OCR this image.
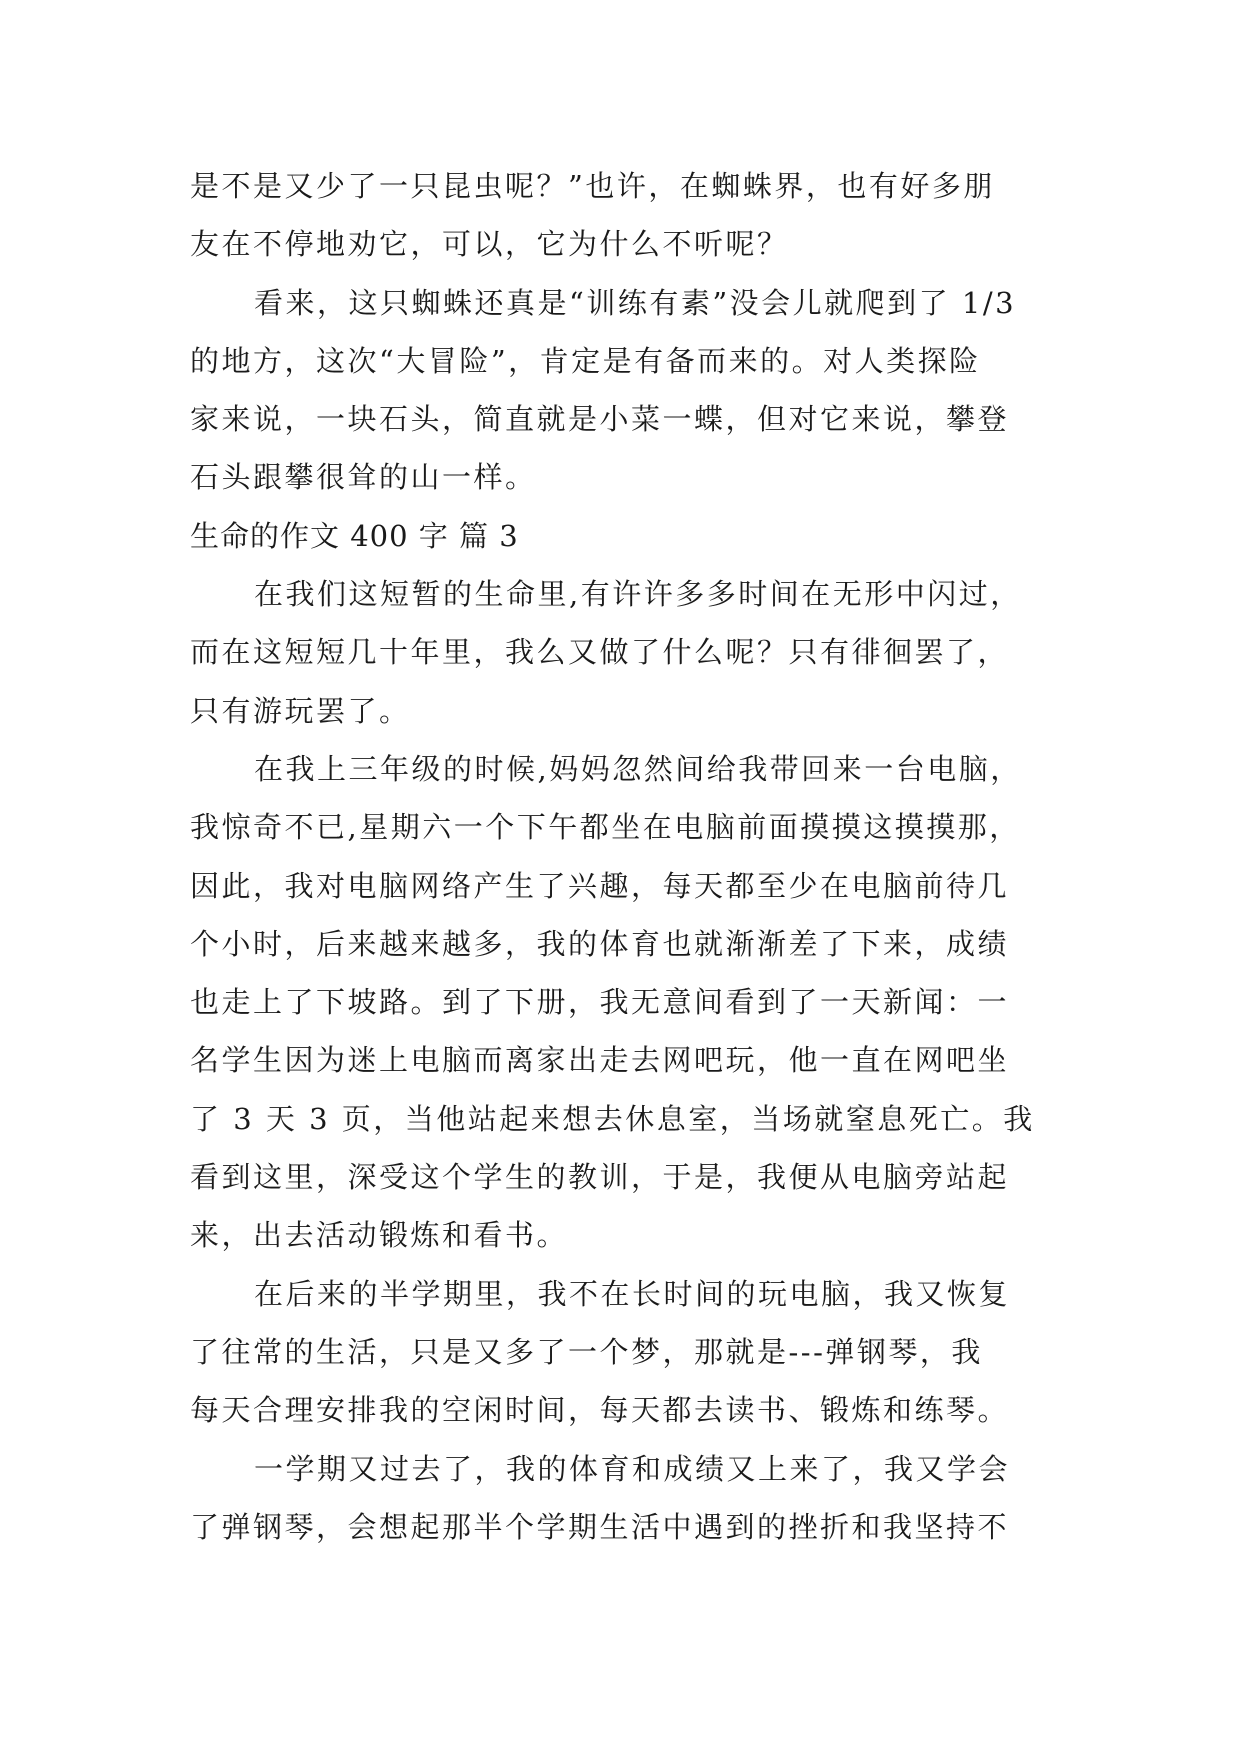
是不是又少了一只昆虫呢？”也许，在蜘蛛界，也有好多朋
友在不停地劝它，可以，它为什么不听呢？
看来，这只蜘蛛还真是“训练有素”没会儿就爬到了 1/3
的地方，这次“大冒险”，肯定是有备而来的。对人类探险
家来说，一块石头，简直就是小菜一蝶，但对它来说，攀登
石头跟攀很耸的山一样。
生命的作文 400 字 篇 3
在我们这短暂的生命里,有许许多多时间在无形中闪过，
而在这短短几十年里，我么又做了什么呢？只有徘徊罢了，
只有游玩罢了。
在我上三年级的时候,妈妈忽然间给我带回来一台电脑，
我惊奇不已,星期六一个下午都坐在电脑前面摸摸这摸摸那，
因此，我对电脑网络产生了兴趣，每天都至少在电脑前待几
个小时，后来越来越多，我的体育也就渐渐差了下来，成绩
也走上了下坡路。到了下册，我无意间看到了一天新闻：一
名学生因为迷上电脑而离家出走去网吧玩，他一直在网吧坐
了 3 天 3 页，当他站起来想去休息室，当场就窒息死亡。我
看到这里，深受这个学生的教训，于是，我便从电脑旁站起
来，出去活动锻炼和看书。
在后来的半学期里，我不在长时间的玩电脑，我又恢复
了往常的生活，只是又多了一个梦，那就是---弹钢琴，我
每天合理安排我的空闲时间，每天都去读书、锻炼和练琴。
一学期又过去了，我的体育和成绩又上来了，我又学会
了弹钢琴，会想起那半个学期生活中遇到的挫折和我坚持不
